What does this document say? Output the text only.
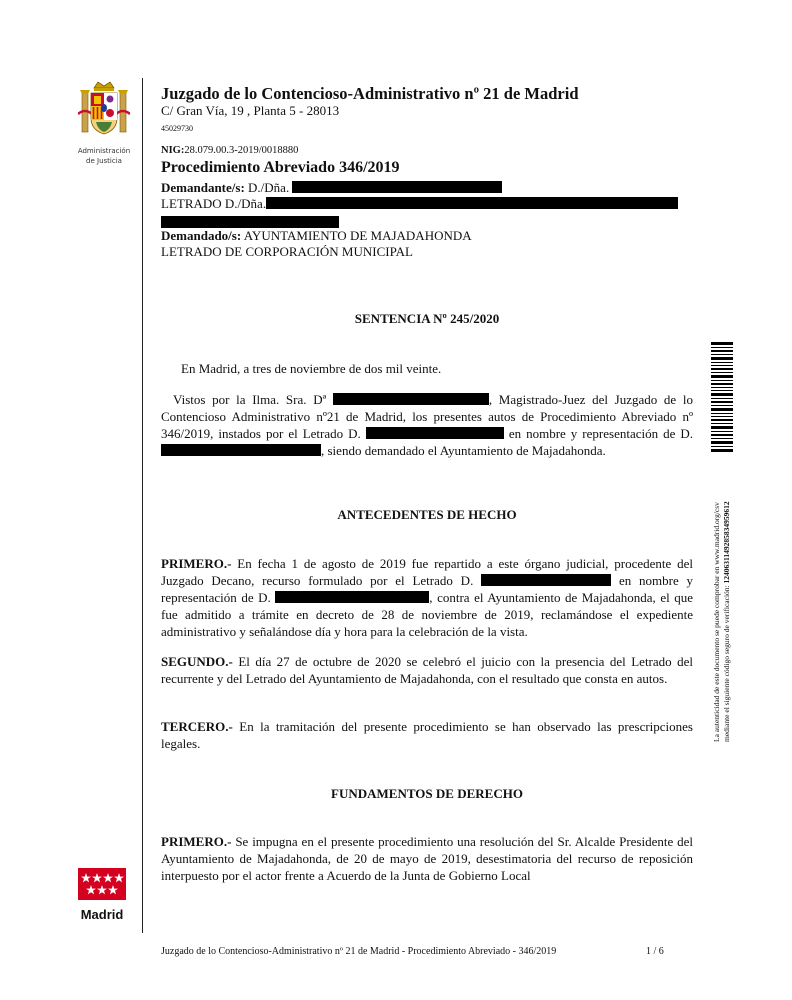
Administración
de Justicia
Juzgado de lo Contencioso-Administrativo nº 21 de Madrid
C/ Gran Vía, 19 , Planta 5 - 28013
45029730
NIG:28.079.00.3-2019/0018880
Procedimiento Abreviado 346/2019
Demandante/s: D./Dña.
LETRADO D./Dña.
Demandado/s: AYUNTAMIENTO DE MAJADAHONDA
LETRADO DE CORPORACIÓN MUNICIPAL
SENTENCIA Nº 245/2020
En Madrid, a tres de noviembre de dos mil veinte.
Vistos por la Ilma. Sra. Dª	, Magistrado-Juez del Juzgado de lo Contencioso Administrativo nº21 de Madrid, los presentes autos de Procedimiento Abreviado nº 346/2019, instados por el Letrado D.	en nombre y representación de D. , siendo demandado el Ayuntamiento de Majadahonda.
ANTECEDENTES DE HECHO
PRIMERO.- En fecha 1 de agosto de 2019 fue repartido a este órgano judicial, procedente del Juzgado Decano, recurso formulado por el Letrado D.	en nombre y representación de D.	, contra el Ayuntamiento de Majadahonda, el que fue admitido a trámite en decreto de 28 de noviembre de 2019, reclamándose el expediente administrativo y señalándose día y hora para la celebración de la vista.
SEGUNDO.- El día 27 de octubre de 2020 se celebró el juicio con la presencia del Letrado del recurrente y del Letrado del Ayuntamiento de Majadahonda, con el resultado que consta en autos.
TERCERO.- En la tramitación del presente procedimiento se han observado las prescripciones legales.
FUNDAMENTOS DE DERECHO
PRIMERO.- Se impugna en el presente procedimiento una resolución del Sr. Alcalde Presidente del Ayuntamiento de Majadahonda, de 20 de mayo de 2019, desestimatoria del recurso de reposición interpuesto por el actor frente a Acuerdo de la Junta de Gobierno Local
La autenticidad de este documento se puede comprobar en www.madrid.org/csv mediante el siguiente código seguro de verificación: 1240631149285834959612
Madrid
Juzgado de lo Contencioso-Administrativo nº 21 de Madrid - Procedimiento Abreviado - 346/2019	1 / 6
